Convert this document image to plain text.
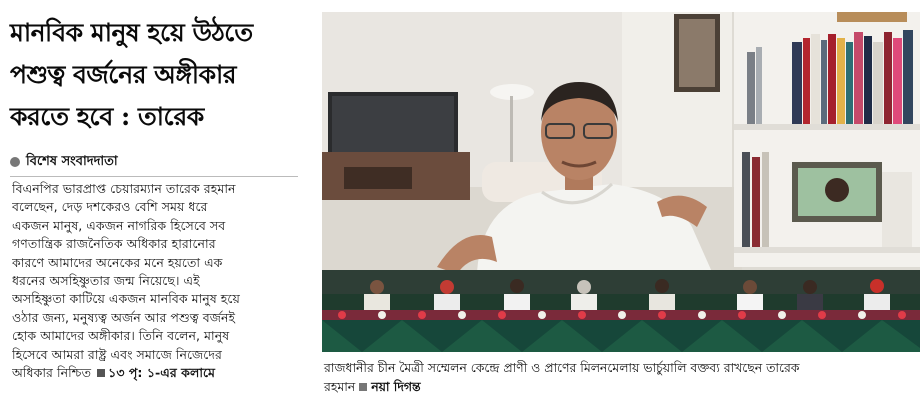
মানবিক মানুষ হয়ে উঠতে
পশুত্ব বর্জনের অঙ্গীকার
করতে হবে : তারেক
বিশেষ সংবাদদাতা
বিএনপির ভারপ্রাপ্ত চেয়ারম্যান তারেক রহমান
বলেছেন, দেড় দশকেরও বেশি সময় ধরে
একজন মানুষ, একজন নাগরিক হিসেবে সব
গণতান্ত্রিক রাজনৈতিক অধিকার হারানোর
কারণে আমাদের অনেকের মনে হয়তো এক
ধরনের অসহিষ্ণুতার জন্ম নিয়েছে। এই
অসহিষ্ণুতা কাটিয়ে একজন মানবিক মানুষ হয়ে
ওঠার জন্য, মনুষ্যত্ব অর্জন আর পশুত্ব বর্জনই
হোক আমাদের অঙ্গীকার। তিনি বলেন, মানুষ
হিসেবে আমরা রাষ্ট্র এবং সমাজে নিজেদের
অধিকার নিশ্চিত ১৩ পৃ: ১-এর কলামে	রাজধানীর চীন মৈত্রী সম্মেলন কেন্দ্রে প্রাণী ও প্রাণের মিলনমেলায় ভার্চুয়ালি বক্তব্য রাখছেন তারেক
রহমান নয়া দিগন্ত
